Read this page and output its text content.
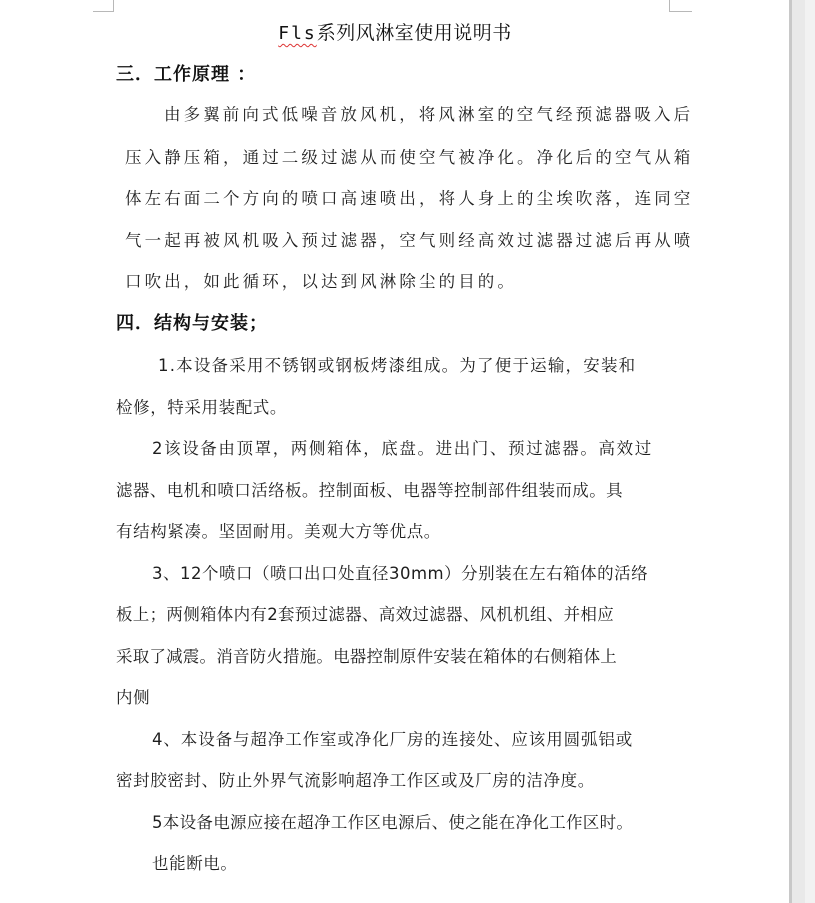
Fls系列风淋室使用说明书
三．工作原理 ：
由多翼前向式低噪音放风机，将风淋室的空气经预滤器吸入后
压入静压箱，通过二级过滤从而使空气被净化。净化后的空气从箱
体左右面二个方向的喷口高速喷出，将人身上的尘埃吹落，连同空
气一起再被风机吸入预过滤器，空气则经高效过滤器过滤后再从喷
口吹出，如此循环，以达到风淋除尘的目的。
四．结构与安装；
1.本设备采用不锈钢或钢板烤漆组成。为了便于运输，安装和
检修，特采用装配式。
2该设备由顶罩，两侧箱体，底盘。进出门、预过滤器。高效过
滤器、电机和喷口活络板。控制面板、电器等控制部件组装而成。具
有结构紧凑。坚固耐用。美观大方等优点。
3、12个喷口（喷口出口处直径30mm）分别装在左右箱体的活络
板上；两侧箱体内有2套预过滤器、高效过滤器、风机机组、并相应
采取了减震。消音防火措施。电器控制原件安装在箱体的右侧箱体上
内侧
4、本设备与超净工作室或净化厂房的连接处、应该用圆弧铝或
密封胶密封、防止外界气流影响超净工作区或及厂房的洁净度。
5本设备电源应接在超净工作区电源后、使之能在净化工作区时。
也能断电。
